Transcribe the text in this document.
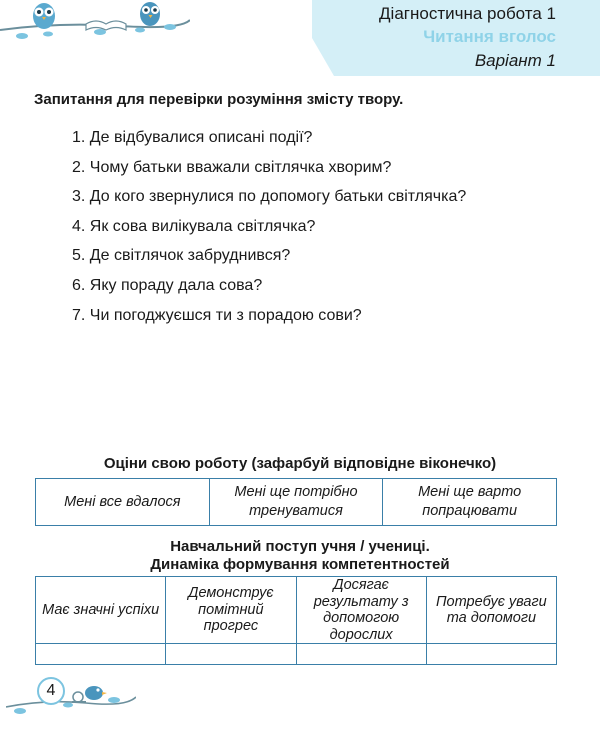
Діагностична робота 1
Читання вголос
Варіант 1
Запитання для перевірки розуміння змісту твору.
1. Де відбувалися описані події?
2. Чому батьки вважали світлячка хворим?
3. До кого звернулися по допомогу батьки світлячка?
4. Як сова вилікувала світлячка?
5. Де світлячок забруднився?
6. Яку пораду дала сова?
7. Чи погоджуєшся ти з порадою сови?
Оціни свою роботу (зафарбуй відповідне віконечко)
Мені все вдалося	Мені ще потрібно тренуватися	Мені ще варто попрацювати
Навчальний поступ учня / учениці.
Динаміка формування компетентностей
Має значні успіхи	Демонструє помітний прогрес	Досягає результату з допомогою дорослих	Потребує уваги та допомоги

4
